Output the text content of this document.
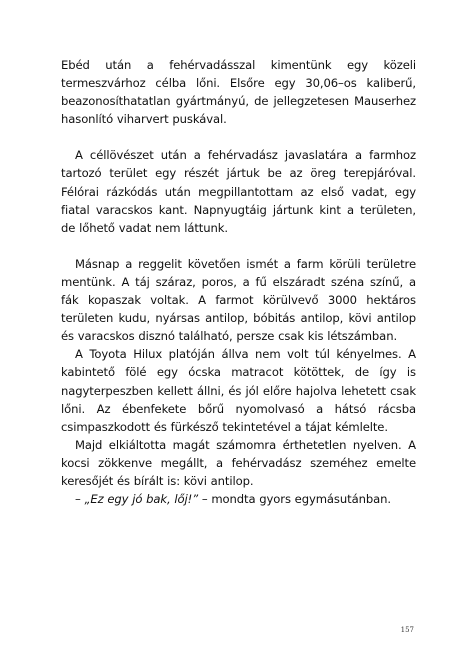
Ebéd után a fehérvadásszal kimentünk egy közeli termeszvárhoz célba lőni. Elsőre egy 30,06–os kaliberű, beazonosíthatatlan gyártmányú, de jellegzetesen Mauserhez hasonlító viharvert puskával.

A céllövészet után a fehérvadász javaslatára a farmhoz tartozó terület egy részét jártuk be az öreg terepjáróval. Félórai rázkódás után megpillantottam az első vadat, egy fiatal varacskos kant. Napnyugtáig jártunk kint a területen, de lőhető vadat nem láttunk.

Másnap a reggelit követően ismét a farm körüli területre mentünk. A táj száraz, poros, a fű elszáradt széna színű, a fák kopaszak voltak. A farmot körülvevő 3000 hektáros területen kudu, nyársas antilop, bóbitás antilop, kövi antilop és varacskos disznó található, persze csak kis létszámban.

A Toyota Hilux platóján állva nem volt túl kényelmes. A kabintető fölé egy ócska matracot kötöttek, de így is nagyterpeszben kellett állni, és jól előre hajolva lehetett csak lőni. Az ébenfekete bőrű nyomolvasó a hátsó rácsba csimpaszkodott és fürkésző tekintetével a tájat kémlelte.

Majd elkiáltotta magát számomra érthetetlen nyelven. A kocsi zökkenve megállt, a fehérvadász szeméhez emelte keresőjét és bírált is: kövi antilop.

– „Ez egy jó bak, lőj!” – mondta gyors egymásutánban.

157
